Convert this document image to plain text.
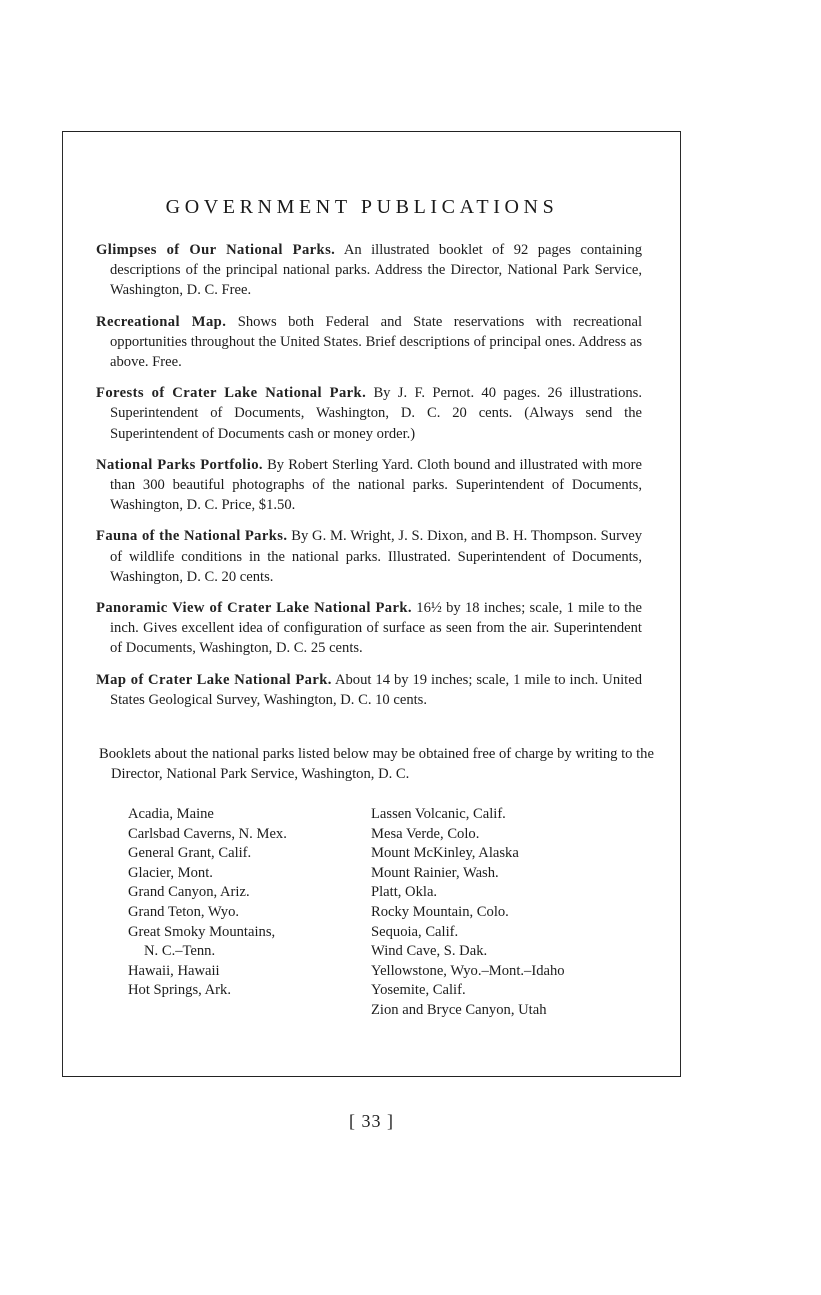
GOVERNMENT PUBLICATIONS

Glimpses of Our National Parks. An illustrated booklet of 92 pages containing descriptions of the principal national parks. Address the Director, National Park Service, Washington, D. C. Free.

Recreational Map. Shows both Federal and State reservations with recreational opportunities throughout the United States. Brief descriptions of principal ones. Address as above. Free.

Forests of Crater Lake National Park. By J. F. Pernot. 40 pages. 26 illustrations. Superintendent of Documents, Washington, D. C. 20 cents. (Always send the Superintendent of Documents cash or money order.)

National Parks Portfolio. By Robert Sterling Yard. Cloth bound and illustrated with more than 300 beautiful photographs of the national parks. Superintendent of Documents, Washington, D. C. Price, $1.50.

Fauna of the National Parks. By G. M. Wright, J. S. Dixon, and B. H. Thompson. Survey of wildlife conditions in the national parks. Illustrated. Superintendent of Documents, Washington, D. C. 20 cents.

Panoramic View of Crater Lake National Park. 16½ by 18 inches; scale, 1 mile to the inch. Gives excellent idea of configuration of surface as seen from the air. Superintendent of Documents, Washington, D. C. 25 cents.

Map of Crater Lake National Park. About 14 by 19 inches; scale, 1 mile to inch. United States Geological Survey, Washington, D. C. 10 cents.

Booklets about the national parks listed below may be obtained free of charge by writing to the Director, National Park Service, Washington, D. C.

Acadia, Maine
Carlsbad Caverns, N. Mex.
General Grant, Calif.
Glacier, Mont.
Grand Canyon, Ariz.
Grand Teton, Wyo.
Great Smoky Mountains,
N. C.–Tenn.
Hawaii, Hawaii
Hot Springs, Ark.
Lassen Volcanic, Calif.
Mesa Verde, Colo.
Mount McKinley, Alaska
Mount Rainier, Wash.
Platt, Okla.
Rocky Mountain, Colo.
Sequoia, Calif.
Wind Cave, S. Dak.
Yellowstone, Wyo.–Mont.–Idaho
Yosemite, Calif.
Zion and Bryce Canyon, Utah
[ 33 ]
